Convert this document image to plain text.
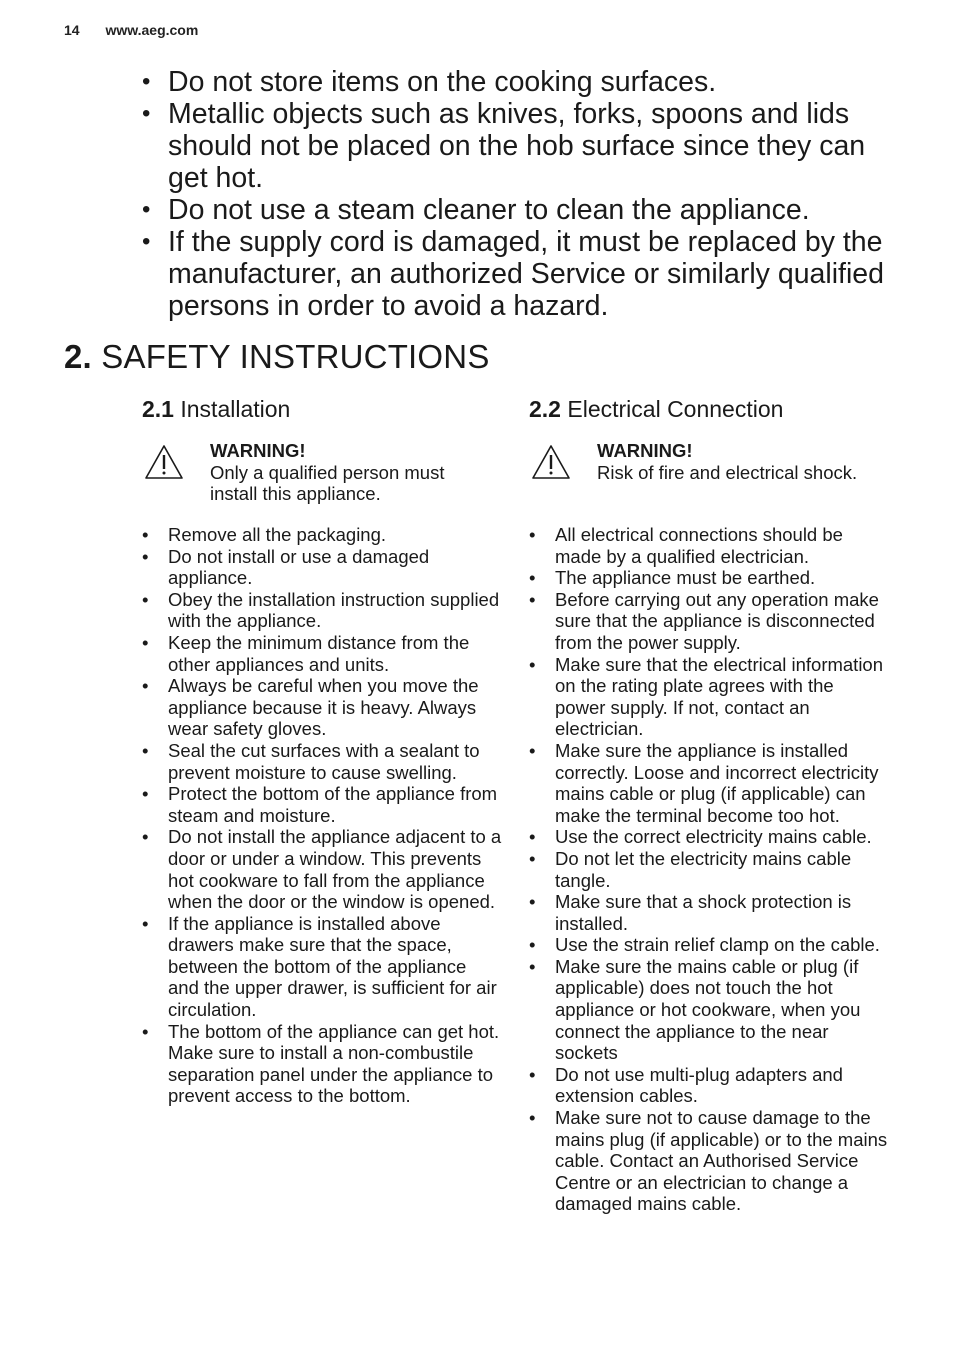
14 www.aeg.com
• Do not store items on the cooking surfaces.
• Metallic objects such as knives, forks, spoons and lids should not be placed on the hob surface since they can get hot.
• Do not use a steam cleaner to clean the appliance.
• If the supply cord is damaged, it must be replaced by the manufacturer, an authorized Service or similarly qualified persons in order to avoid a hazard.
2. SAFETY INSTRUCTIONS
2.1 Installation
WARNING!
Only a qualified person must install this appliance.
• Remove all the packaging.
• Do not install or use a damaged appliance.
• Obey the installation instruction supplied with the appliance.
• Keep the minimum distance from the other appliances and units.
• Always be careful when you move the appliance because it is heavy. Always wear safety gloves.
• Seal the cut surfaces with a sealant to prevent moisture to cause swelling.
• Protect the bottom of the appliance from steam and moisture.
• Do not install the appliance adjacent to a door or under a window. This prevents hot cookware to fall from the appliance when the door or the window is opened.
• If the appliance is installed above drawers make sure that the space, between the bottom of the appliance and the upper drawer, is sufficient for air circulation.
• The bottom of the appliance can get hot. Make sure to install a non-combustile separation panel under the appliance to prevent access to the bottom.
2.2 Electrical Connection
WARNING!
Risk of fire and electrical shock.
• All electrical connections should be made by a qualified electrician.
• The appliance must be earthed.
• Before carrying out any operation make sure that the appliance is disconnected from the power supply.
• Make sure that the electrical information on the rating plate agrees with the power supply. If not, contact an electrician.
• Make sure the appliance is installed correctly. Loose and incorrect electricity mains cable or plug (if applicable) can make the terminal become too hot.
• Use the correct electricity mains cable.
• Do not let the electricity mains cable tangle.
• Make sure that a shock protection is installed.
• Use the strain relief clamp on the cable.
• Make sure the mains cable or plug (if applicable) does not touch the hot appliance or hot cookware, when you connect the appliance to the near sockets
• Do not use multi-plug adapters and extension cables.
• Make sure not to cause damage to the mains plug (if applicable) or to the mains cable. Contact an Authorised Service Centre or an electrician to change a damaged mains cable.
